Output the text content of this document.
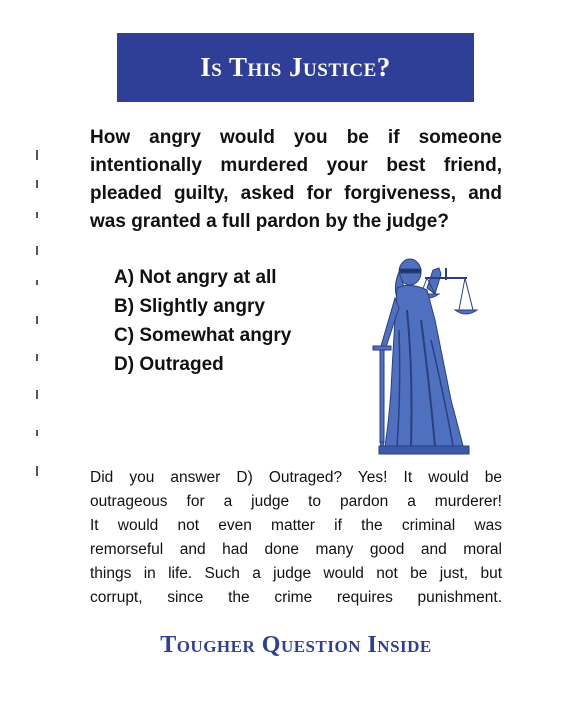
Is This Justice?
How angry would you be if someone intentionally murdered your best friend, pleaded guilty, asked for forgiveness, and was granted a full pardon by the judge?
A) Not angry at all
B) Slightly angry
C) Somewhat angry
D) Outraged

Did you answer D) Outraged? Yes! It would be

outrageous for a judge to pardon a murderer!

It would not even matter if the criminal was

remorseful and had done many good and moral

things in life. Such a judge would not be just, but

corrupt, since the crime requires punishment.

Tougher Question Inside
